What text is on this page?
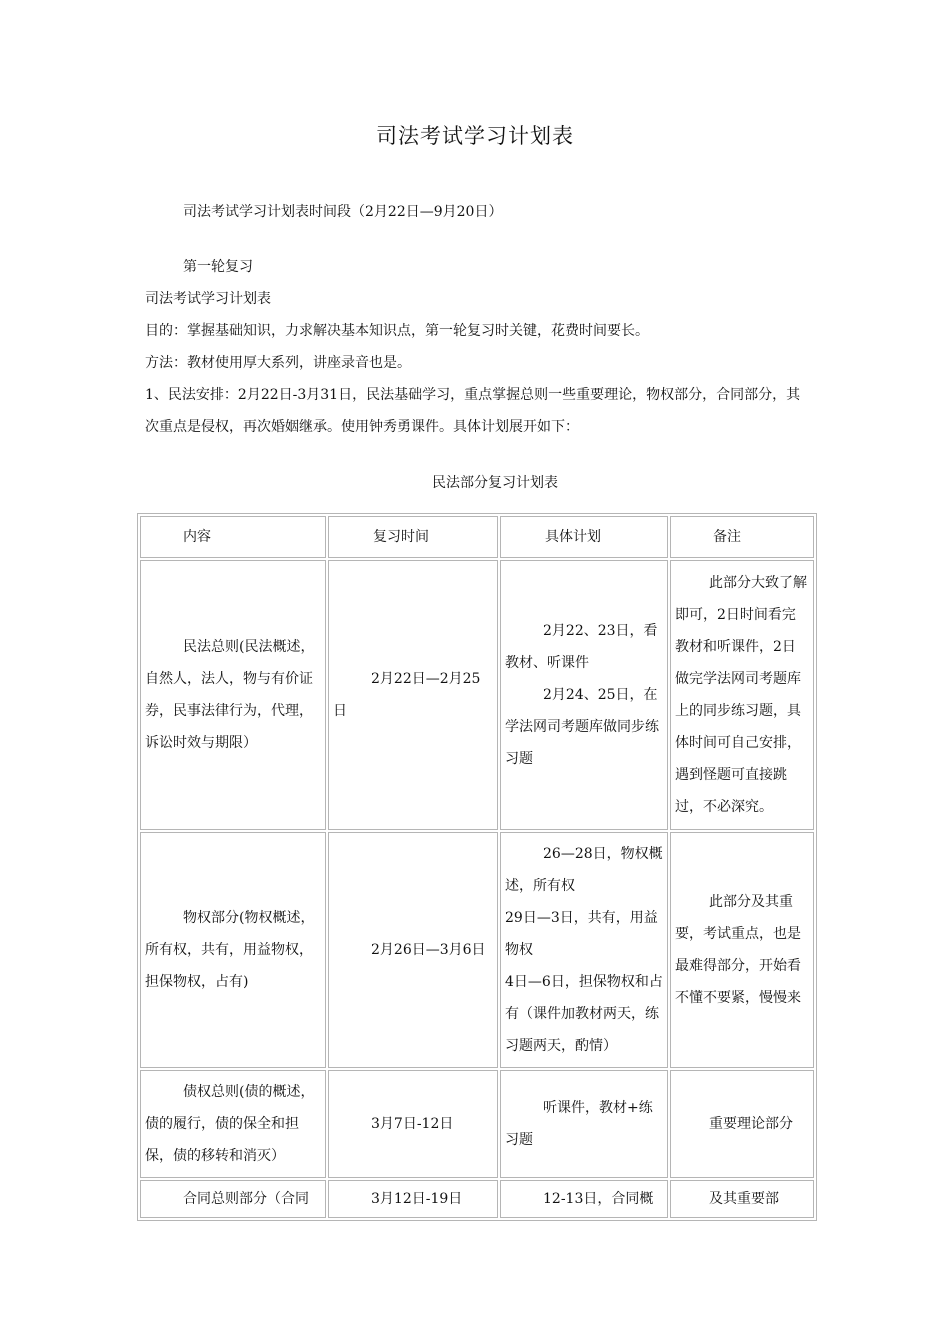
司法考试学习计划表
司法考试学习计划表时间段（2月22日—9月20日）
第一轮复习
司法考试学习计划表
目的：掌握基础知识，力求解决基本知识点，第一轮复习时关键，花费时间要长。
方法：教材使用厚大系列，讲座录音也是。
1、民法安排：2月22日-3月31日，民法基础学习，重点掌握总则一些重要理论，物权部分，合同部分，其次重点是侵权，再次婚姻继承。使用钟秀勇课件。具体计划展开如下：
民法部分复习计划表
内容	复习时间	具体计划	备注

民法总则(民法概述，自然人，法人，物与有价证券，民事法律行为，代理，诉讼时效与期限）	2月22日—2月25日	2月22、23日，看教材、听课件
2月24、25日，在学法网司考题库做同步练习题	此部分大致了解即可，2日时间看完教材和听课件，2日做完学法网司考题库上的同步练习题，具体时间可自己安排，遇到怪题可直接跳过，不必深究。
物权部分(物权概述，所有权，共有，用益物权，担保物权，占有)	2月26日—3月6日	26—28日，物权概述，所有权
29日—3日，共有，用益物权
4日—6日，担保物权和占有（课件加教材两天，练习题两天，酌情）	此部分及其重要，考试重点，也是最难得部分，开始看不懂不要紧，慢慢来
债权总则(债的概述，债的履行，债的保全和担保，债的移转和消灭）	3月7日-12日	听课件，教材+练习题	重要理论部分
合同总则部分（合同	3月12日-19日	12-13日，合同概	及其重要部
